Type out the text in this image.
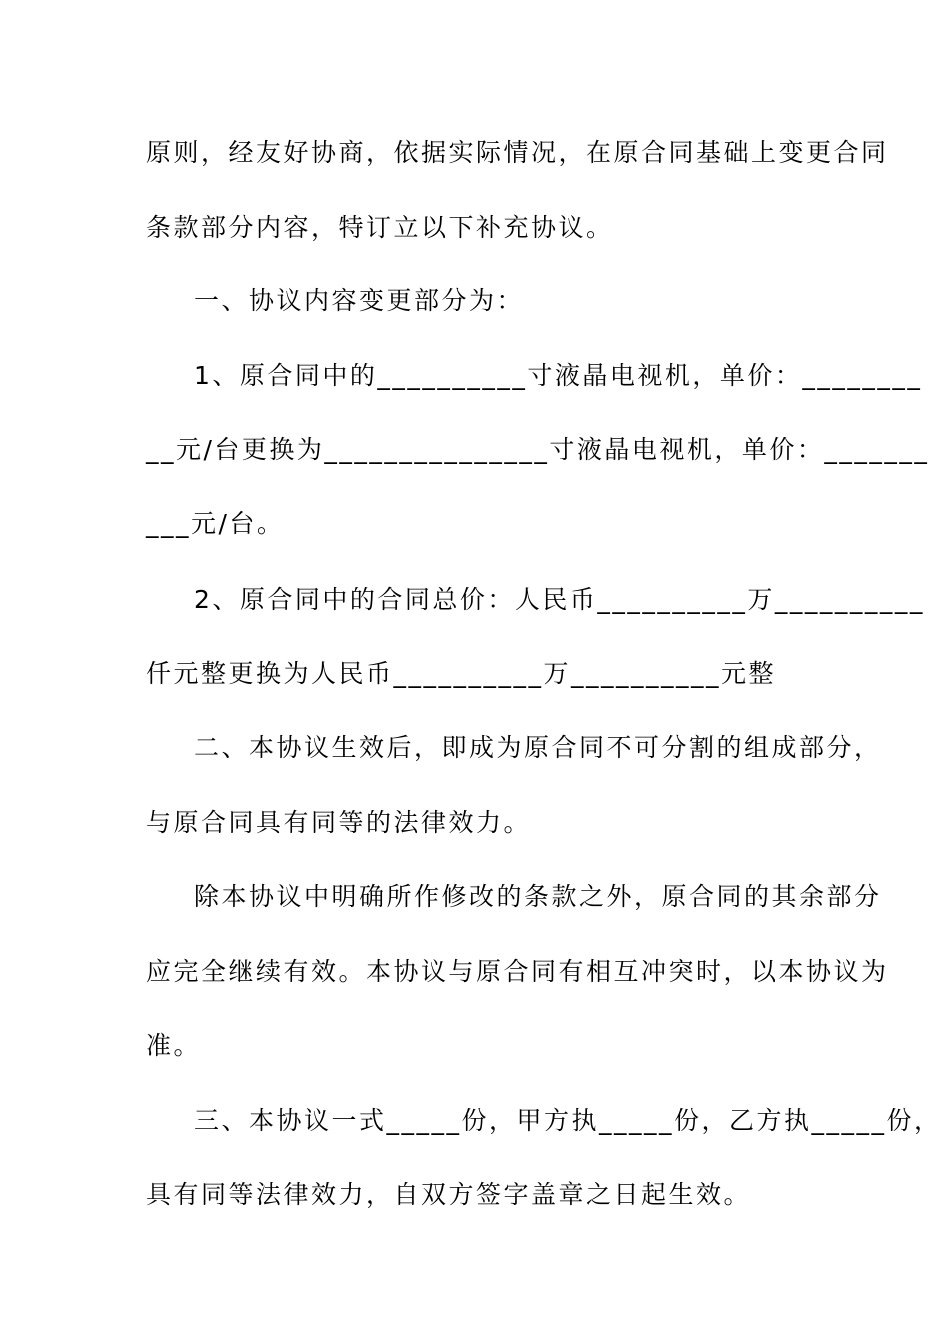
原则，经友好协商，依据实际情况，在原合同基础上变更合同
条款部分内容，特订立以下补充协议。
一、协议内容变更部分为：
1、原合同中的__________寸液晶电视机，单价：________
__元/台更换为_______________寸液晶电视机，单价：_______
___元/台。
2、原合同中的合同总价：人民币__________万__________
仟元整更换为人民币__________万__________元整
二、本协议生效后，即成为原合同不可分割的组成部分，
与原合同具有同等的法律效力。
除本协议中明确所作修改的条款之外，原合同的其余部分
应完全继续有效。本协议与原合同有相互冲突时，以本协议为
准。
三、本协议一式_____份，甲方执_____份，乙方执_____份，
具有同等法律效力，自双方签字盖章之日起生效。
